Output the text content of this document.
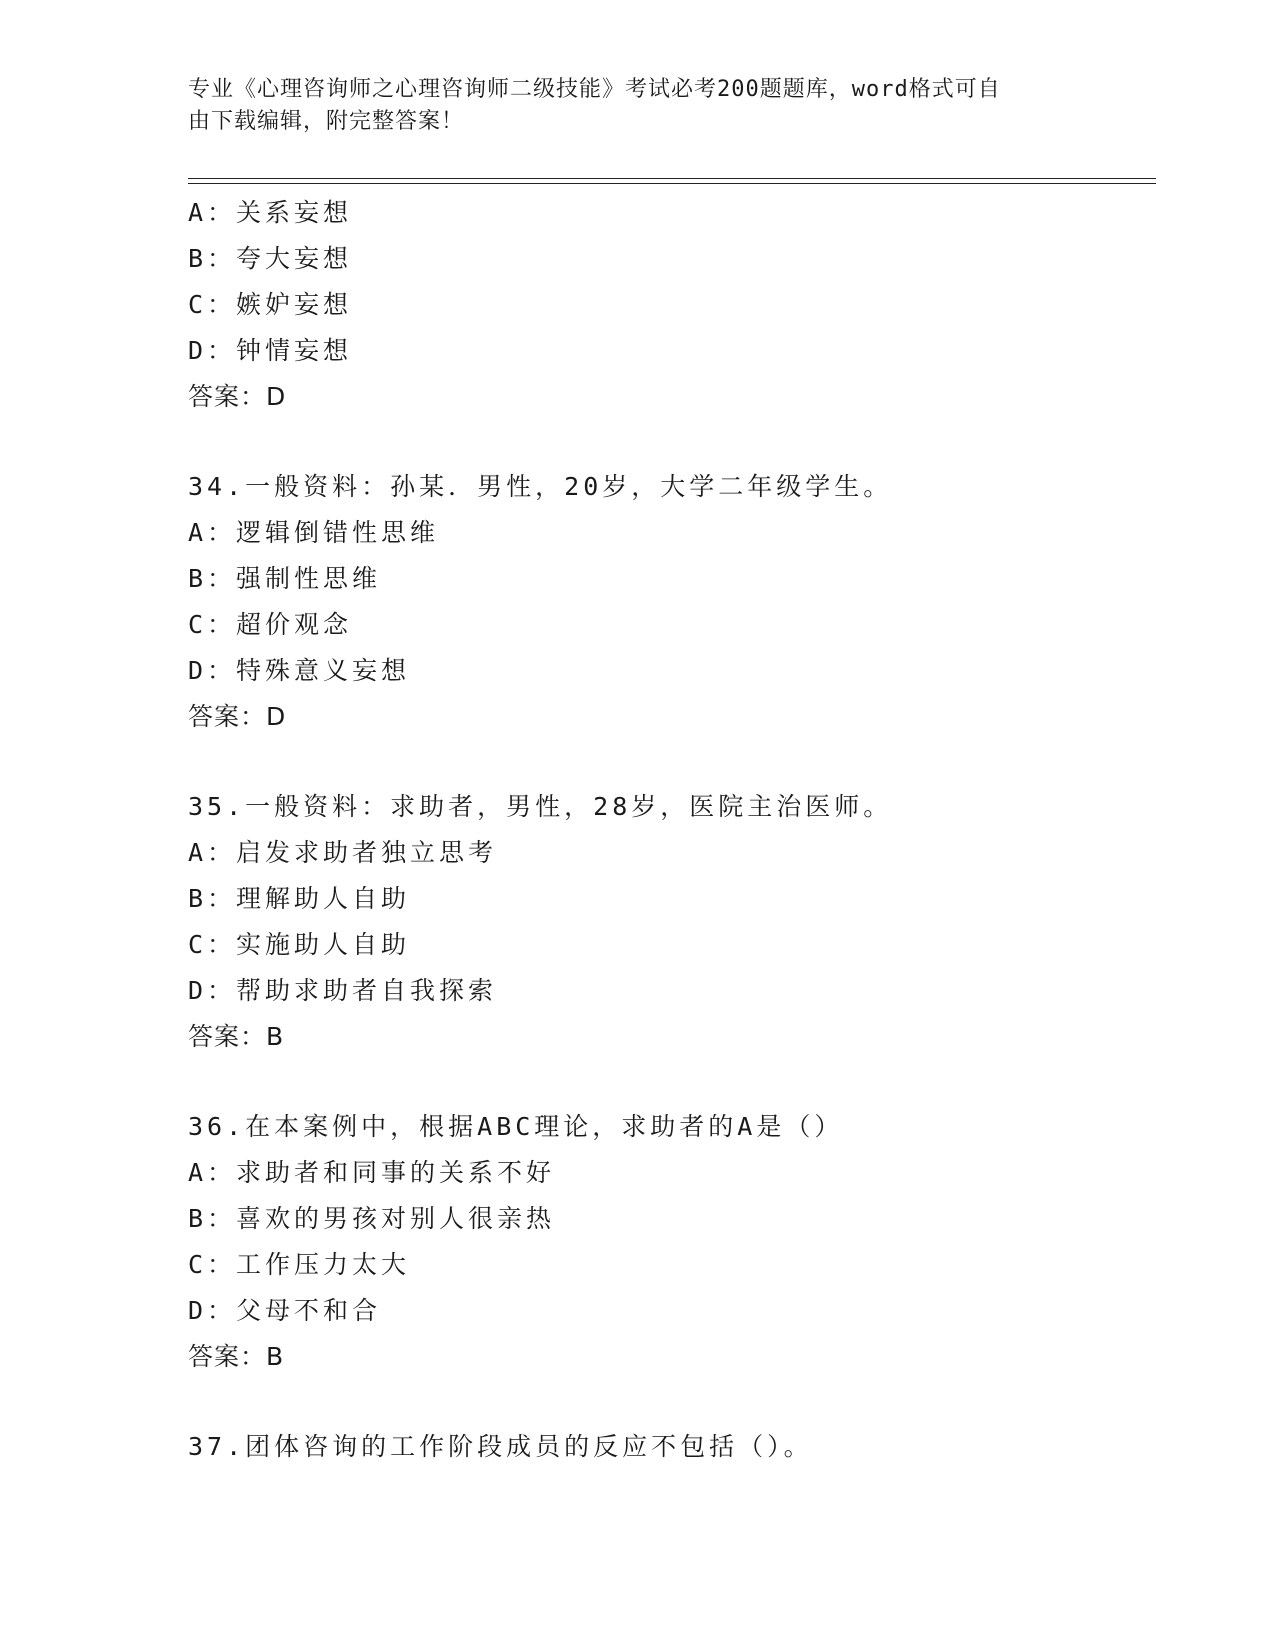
专业《心理咨询师之心理咨询师二级技能》考试必考200题题库，word格式可自
由下载编辑，附完整答案！
A：关系妄想
B：夸大妄想
C：嫉妒妄想
D：钟情妄想
答案：D
34.一般资料：孙某．男性，20岁，大学二年级学生。
A：逻辑倒错性思维
B：强制性思维
C：超价观念
D：特殊意义妄想
答案：D
35.一般资料：求助者，男性，28岁，医院主治医师。
A：启发求助者独立思考
B：理解助人自助
C：实施助人自助
D：帮助求助者自我探索
答案：B
36.在本案例中，根据ABC理论，求助者的A是（）
A：求助者和同事的关系不好
B：喜欢的男孩对别人很亲热
C：工作压力太大
D：父母不和合
答案：B
37.团体咨询的工作阶段成员的反应不包括（）。
